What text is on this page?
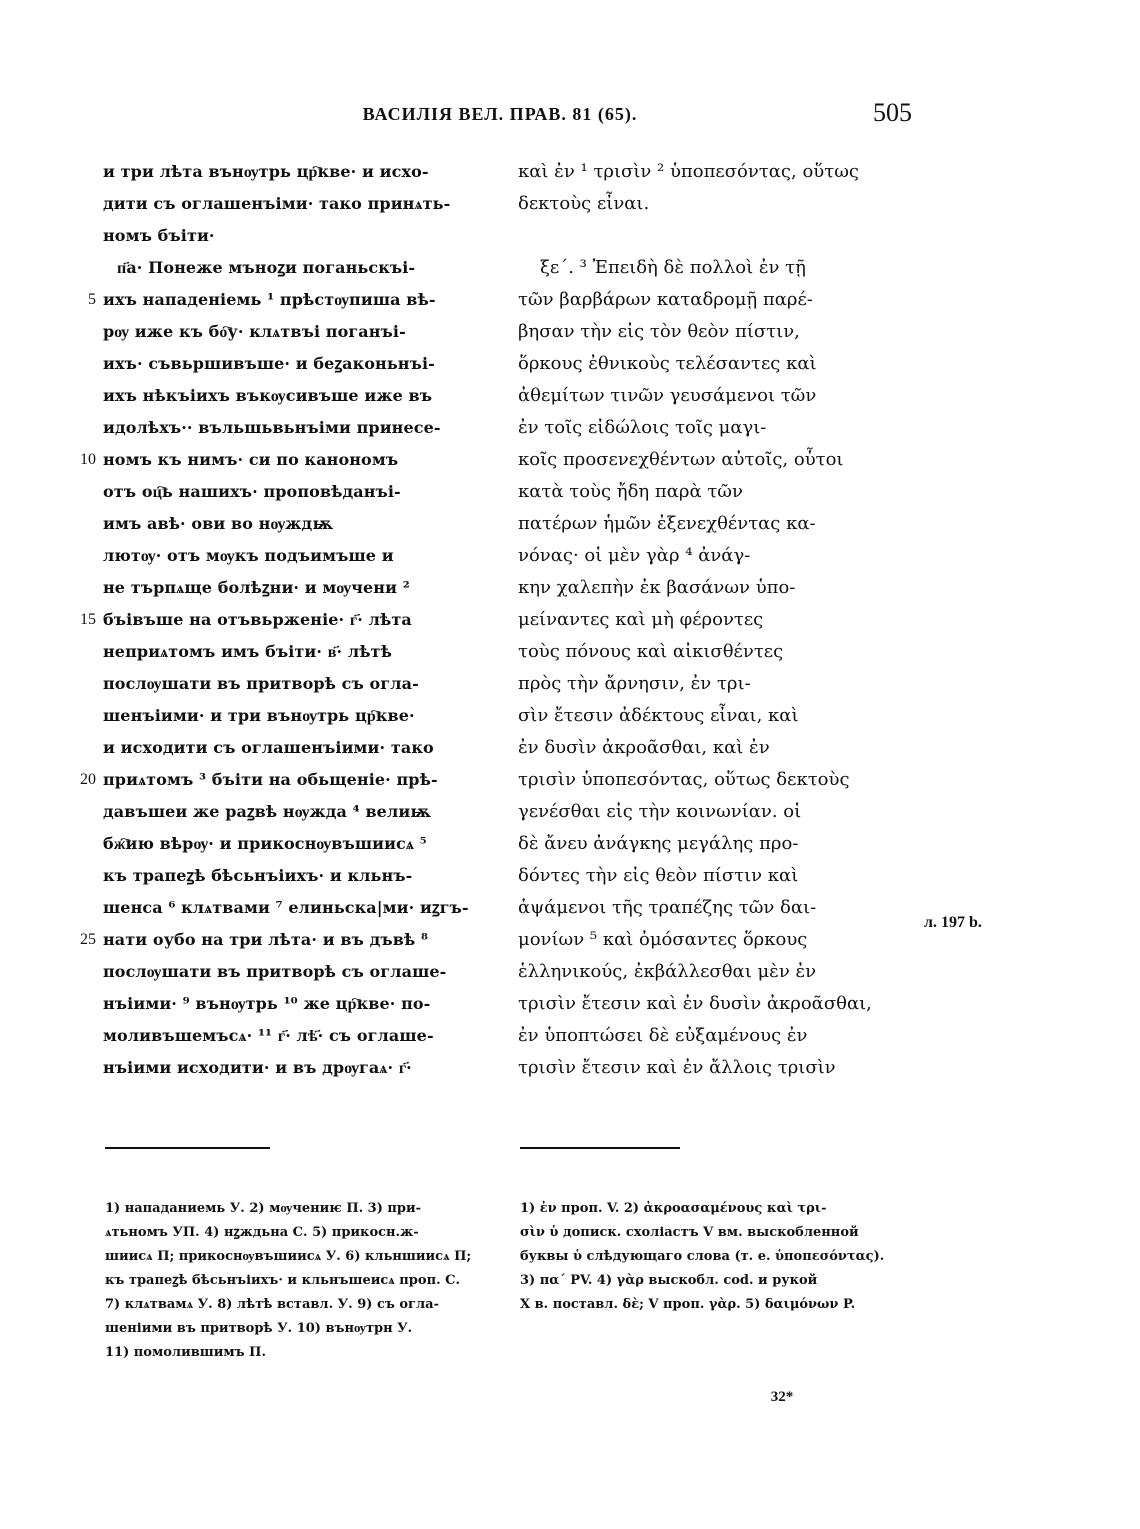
ВАСИЛІЯ ВЕЛ. ПРАВ. 81 (65).	505
5
10
15
20
25
и три лѣта вънѹтрь цр҇кве· и исхо-
дити съ оглашенъіми· тако принѧть-
номъ бъіти·
п҃а· Понеже мъноꙁи поганьскъі-
ихъ нападеніемь ¹ прѣстѹпиша вѣ-
рѹ иже къ бо҇у· клѧтвъі поганъі-
ихъ· съвьршивъше· и беꙁаконьнъі-
ихъ нѣкъіихъ въкѹсивъше иже въ
идолѣхъ·· въльшьвьнъіми принесе-
номъ къ нимъ· си по канономъ
отъ оц҇ь нашихъ· проповѣданъі-
имъ авѣ· ови во нѹждѭ
лютѹ· отъ мѹкъ подъимъше и
не търпѧще болѣꙁни· и мѹчени ²
бъівъше на отъвьрженіе· г҃· лѣта
неприѧтомъ имъ бъіти· в҃· лѣтѣ
послѹшати въ притворѣ съ огла-
шенъіими· и три вънѹтрь цр҇кве·
и исходити съ оглашенъіими· тако
приѧтомъ ³ бъіти на обьщеніе· прѣ-
давъшеи же раꙁвѣ нѹжда ⁴ велиѭ
бж҇ию вѣрѹ· и прикоснѹвъшиисѧ ⁵
къ трапеꙁѣ бѣсьнъіихъ· и кльнъ-
шенса ⁶ клѧтвами ⁷ елиньска|ми· иꙁгъ-
нати оубо на три лѣта· и въ дъвѣ ⁸
послѹшати въ притворѣ съ оглаше-
нъіими· ⁹ вънѹтрь ¹⁰ же цр҇кве· по-
моливъшемъсѧ· ¹¹ г҃· лѣ҃· съ оглаше-
нъіими исходити· и въ дрѹгаѧ· г҃·
καὶ ἐν ¹ τρισὶν ² ὑποπεσόντας, οὕτως
δεκτοὺς εἶναι.
ξε΄. ³ Ἐπειδὴ δὲ πολλοὶ ἐν τῇ
τῶν βαρβάρων καταδρομῇ παρέ-
βησαν τὴν εἰς τὸν θεὸν πίστιν,
ὅρκους ἐθνικοὺς τελέσαντες καὶ
ἀθεμίτων τινῶν γευσάμενοι τῶν
ἐν τοῖς εἰδώλοις τοῖς μαγι-
κοῖς προσενεχθέντων αὐτοῖς, οὗτοι
κατὰ τοὺς ἤδη παρὰ τῶν
πατέρων ἡμῶν ἐξενεχθέντας κα-
νόνας· οἱ μὲν γὰρ ⁴ ἀνάγ-
κην χαλεπὴν ἐκ βασάνων ὑπο-
μείναντες καὶ μὴ φέροντες
τοὺς πόνους καὶ αἰκισθέντες
πρὸς τὴν ἄρνησιν, ἐν τρι-
σὶν ἔτεσιν ἀδέκτους εἶναι, καὶ
ἐν δυσὶν ἀκροᾶσθαι, καὶ ἐν
τρισὶν ὑποπεσόντας, οὕτως δεκτοὺς
γενέσθαι εἰς τὴν κοινωνίαν. οἱ
δὲ ἄνευ ἀνάγκης μεγάλης προ-
δόντες τὴν εἰς θεὸν πίστιν καὶ
ἁψάμενοι τῆς τραπέζης τῶν δαι-
μονίων ⁵ καὶ ὀμόσαντες ὅρκους
ἑλληνικούς, ἐκβάλλεσθαι μὲν ἐν
τρισὶν ἔτεσιν καὶ ἐν δυσὶν ἀκροᾶσθαι,
ἐν ὑποπτώσει δὲ εὐξαμένους ἐν
τρισὶν ἔτεσιν καὶ ἐν ἄλλοις τρισὶν
л. 197 b.
1) нападаниемь У. 2) мѹчениѥ П. 3) при-
ѧтьномъ УП. 4) нꙁждьна С. 5) прикосн.ж-
шиисѧ П; прикоснѹвъшиисѧ У. 6) кльншиисѧ П;
къ трапеꙁѣ бѣсьнъіихъ· и кльнъшеисѧ проп. С.
7) клѧтвамѧ У. 8) лѣтѣ вставл. У. 9) съ огла-
шеніими въ притворѣ У. 10) вънѹтрн У.
11) помолившимъ П.
1) ἐν проп. V. 2) ἀκροασαμένους καὶ τρι-
σὶν ὑ дописк. схоліастъ V вм. выскобленной
буквы ὑ слѣдующаго слова (т. е. ὑποπεσόντας).
3) πα΄ PV. 4) γὰρ выскобл. cod. и рукой
X в. поставл. δὲ; V проп. γὰρ. 5) δαιμόνων P.
32*
